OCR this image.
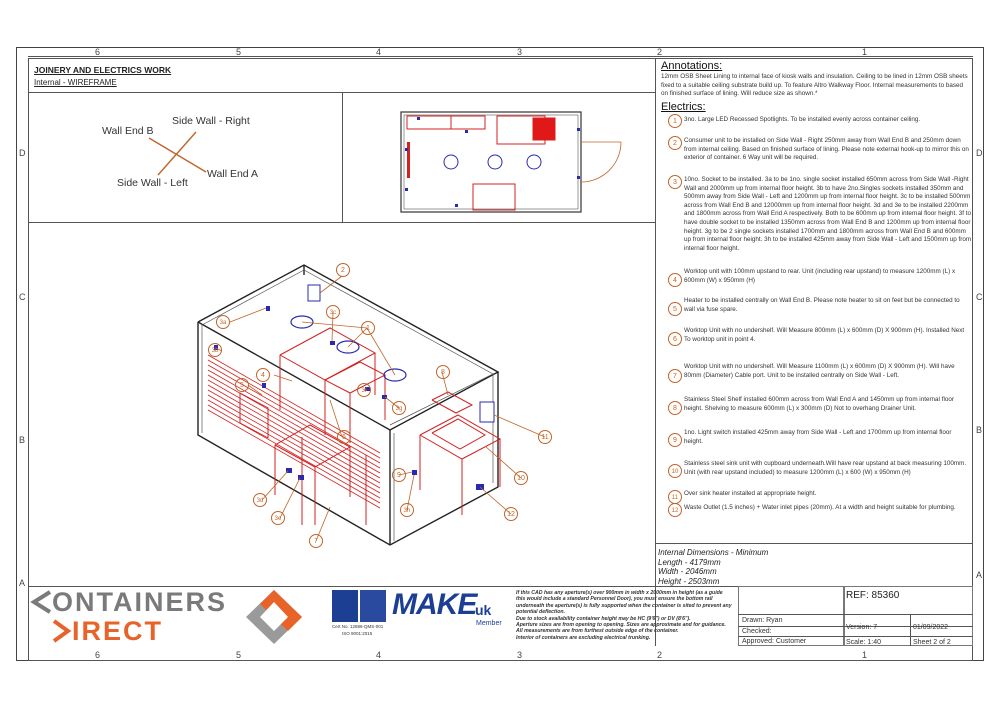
6	5	4	3	2	1
6	5	4	3	2	1
D
C
B
A
D
C
B
A
JOINERY AND ELECTRICS WORK
Internal - WIREFRAME
Wall End B
Side Wall - Right
Side Wall - Left
Wall End A
2
1
3a
3c
3b
5
4
3f
3g
6
8
11
9	10
12
3d
3e
3h
7
Annotations:
12mm OSB Sheet Lining to internal face of kiosk walls and insulation. Ceiling to be lined in 12mm OSB sheets fixed to a suitable ceiling substrate build up. To feature Altro Walkway Floor. Internal measurements to based on finished surface of lining. Will reduce size as shown.*
Electrics:
1	3no. Large LED Recessed Spotlights. To be installed evenly across container ceiling.
2	Consumer unit to be installed on Side Wall - Right 250mm away from Wall End B and 250mm down from internal ceiling. Based on finished surface of lining. Please note external hook-up to mirror this on exterior of container. 6 Way unit will be required.
3	10no. Socket to be installed. 3a to be 1no. single socket installed 650mm across from Side Wall -Right Wall and 2000mm up from internal floor height. 3b to have 2no.Singles sockets installed 350mm and 500mm away from Side Wall - Left and 1200mm up from internal floor height. 3c to be installed 500mm across from Wall End B and 12000mm up from internal floor height. 3d and 3e to be installed 2200mm and 1800mm across from Wall End A respectively. Both to be 600mm up from internal floor height. 3f to have double socket to be installed 1350mm across from Wall End B and 1200mm up from internal floor height. 3g to be 2 single sockets installed 1700mm and 1800mm across from Wall End B and 600mm up from internal floor height. 3h to be installed 425mm away from Side Wall - Left and 1500mm up from internal floor height.
4
Worktop unit with 100mm upstand to rear. Unit (including rear upstand) to measure 1200mm (L) x 600mm (W) x 950mm (H)
5
Heater to be installed centrally on Wall End B. Please note heater to sit on feet but be connected to wall via fuse spare.
6
Worktop Unit with no undershelf. Will Measure 800mm (L) x 600mm (D) X 900mm (H). Installed Next To worktop unit in point 4.
7
Worktop Unit with no undershelf. Will Measure 1100mm (L) x 600mm (D) X 900mm (H). Will have 80mm (Diameter) Cable port. Unit to be installed centrally on Side Wall - Left.
8
Stainless Steel Shelf installed 600mm across from Wall End A and 1450mm up from internal floor height. Shelving to measure 600mm (L) x 300mm (D) Not to overhang Drainer Unit.
9
1no. Light switch installed 425mm away from Side Wall - Left and 1700mm up from internal floor height.
10
Stainless steel sink unit with cupboard underneath.Will have rear upstand at back measuring 100mm. Unit (with rear upstand included) to measure 1200mm (L) x 600 (W) x 950mm (H)
11
Over sink heater installed at appropriate height.
12 Waste Outlet (1.5 inches) + Water inlet pipes (20mm). At a width and height suitable for plumbing.
Internal Dimensions - Minimum
Length - 4179mm
Width - 2046mm
Height - 2503mm
ONTAINERS
IRECT	Cert No. 12886-QMS-001
ISO 9001:2015
MAKE
uk
Member
If this CAD has any aperture(s) over 900mm in width x 2000mm in height (as a guide this would include a standard Personnel Door), you must ensure the bottom rail underneath the aperture(s) is fully supported when the container is sited to prevent any potential deflection.
Due to stock availability container height may be HC (9'6") or DV (8'6").
Aperture sizes are from opening to opening. Sizes are approximate and for guidance.
All measurements are from furthest outside edge of the container.
Interior of containers are excluding electrical trunking.
REF: 85360
Drawn: Ryan
Checked:
Approved: Customer
Version: 7	01/09/2022
Scale: 1:40	Sheet 2 of 2
